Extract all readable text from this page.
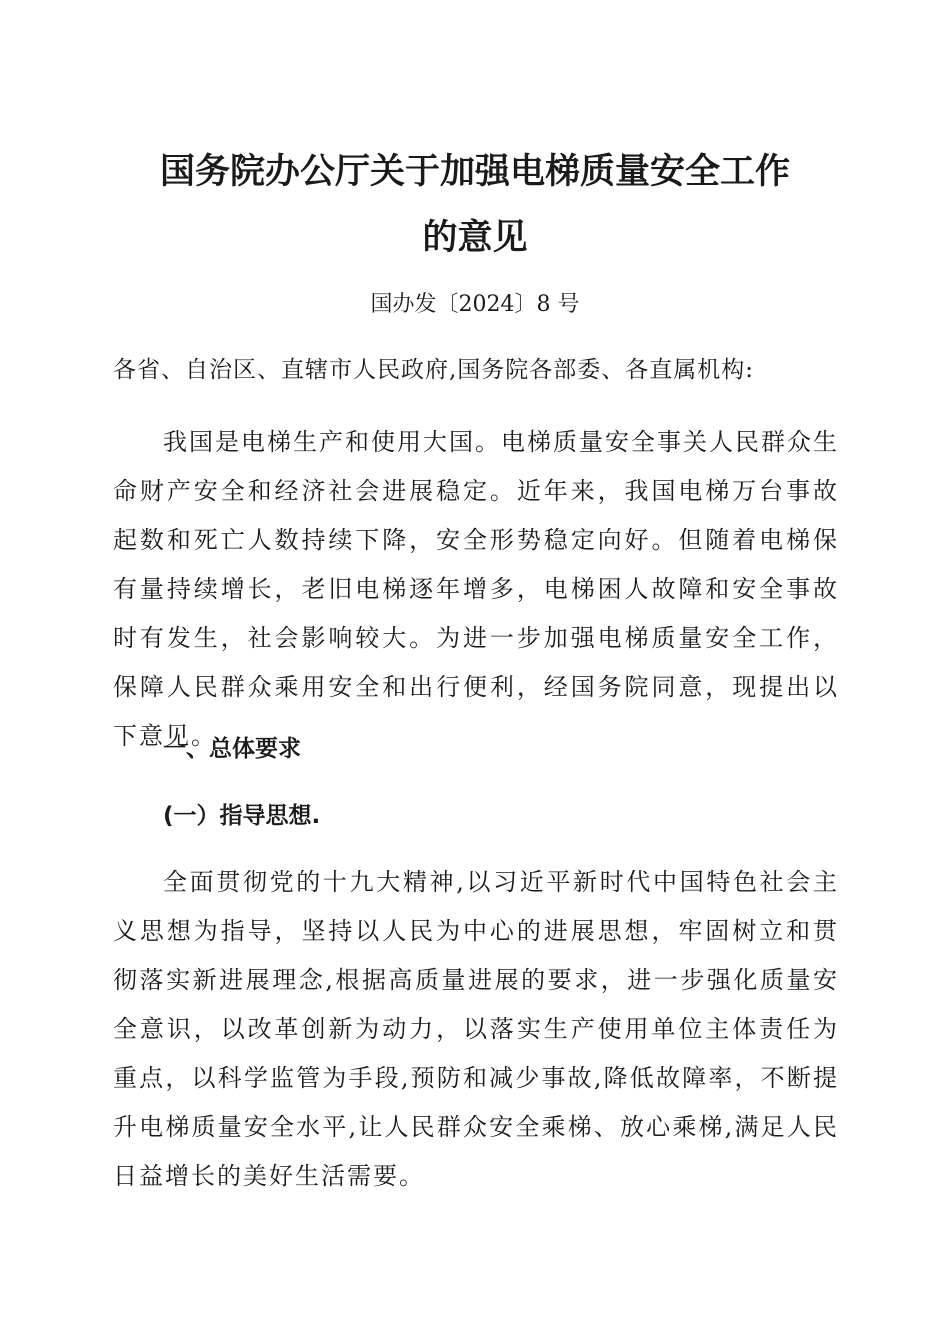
国务院办公厅关于加强电梯质量安全工作
的意见
国办发〔2024〕8 号
各省、自治区、直辖市人民政府,国务院各部委、各直属机构:

我国是电梯生产和使用大国。电梯质量安全事关人民群众生命财产安全和经济社会进展稳定。近年来，我国电梯万台事故起数和死亡人数持续下降，安全形势稳定向好。但随着电梯保有量持续增长，老旧电梯逐年增多，电梯困人故障和安全事故时有发生，社会影响较大。为进一步加强电梯质量安全工作，保障人民群众乘用安全和出行便利，经国务院同意，现提出以下意见。

一、总体要求
(一）指导思想.

全面贯彻党的十九大精神,以习近平新时代中国特色社会主义思想为指导，坚持以人民为中心的进展思想，牢固树立和贯彻落实新进展理念,根据高质量进展的要求，进一步强化质量安全意识，以改革创新为动力，以落实生产使用单位主体责任为重点，以科学监管为手段,预防和减少事故,降低故障率，不断提升电梯质量安全水平,让人民群众安全乘梯、放心乘梯,满足人民日益增长的美好生活需要。
